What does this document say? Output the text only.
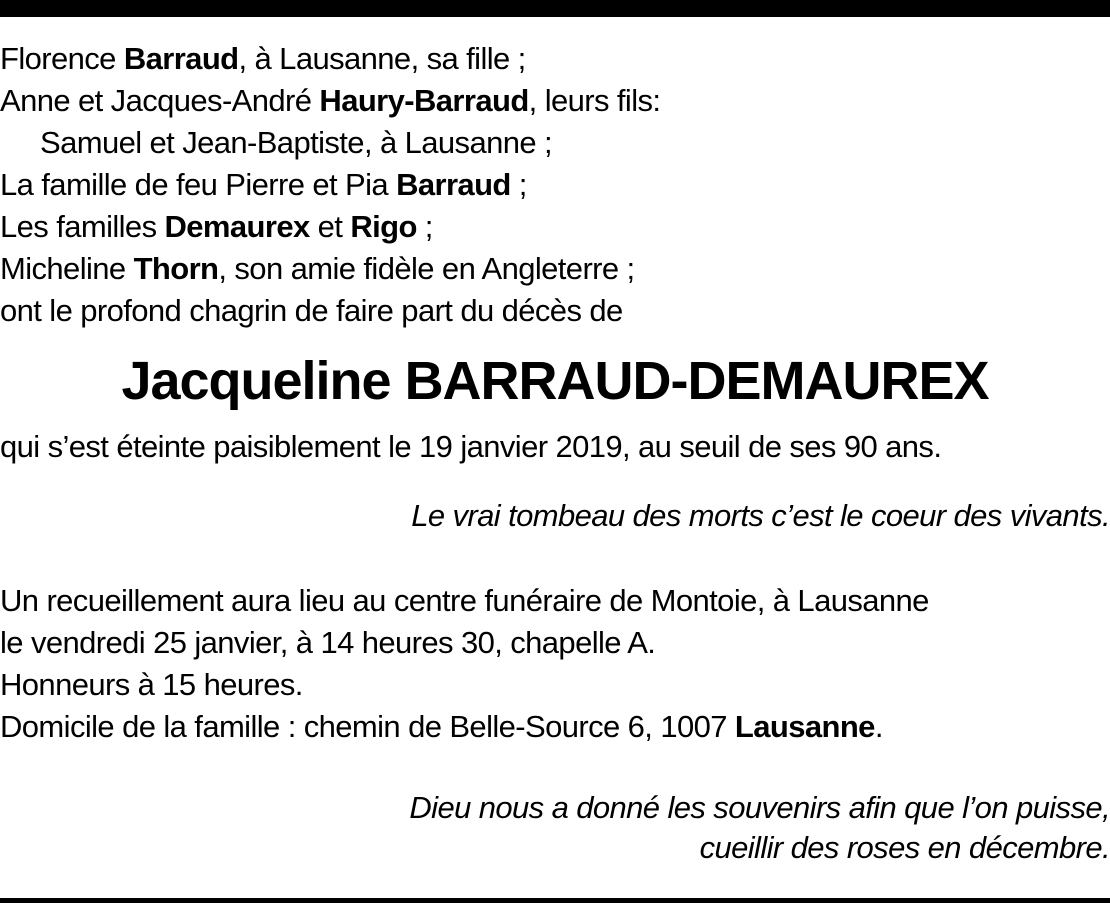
Florence Barraud, à Lausanne, sa fille ;
Anne et Jacques-André Haury-Barraud, leurs fils:
Samuel et Jean-Baptiste, à Lausanne ;
La famille de feu Pierre et Pia Barraud ;
Les familles Demaurex et Rigo ;
Micheline Thorn, son amie fidèle en Angleterre ;
ont le profond chagrin de faire part du décès de
Jacqueline BARRAUD-DEMAUREX
qui s’est éteinte paisiblement le 19 janvier 2019, au seuil de ses 90 ans.
Le vrai tombeau des morts c’est le coeur des vivants.
Un recueillement aura lieu au centre funéraire de Montoie, à Lausanne
le vendredi 25 janvier, à 14 heures 30, chapelle A.
Honneurs à 15 heures.
Domicile de la famille : chemin de Belle-Source 6, 1007 Lausanne.
Dieu nous a donné les souvenirs afin que l’on puisse,
cueillir des roses en décembre.
